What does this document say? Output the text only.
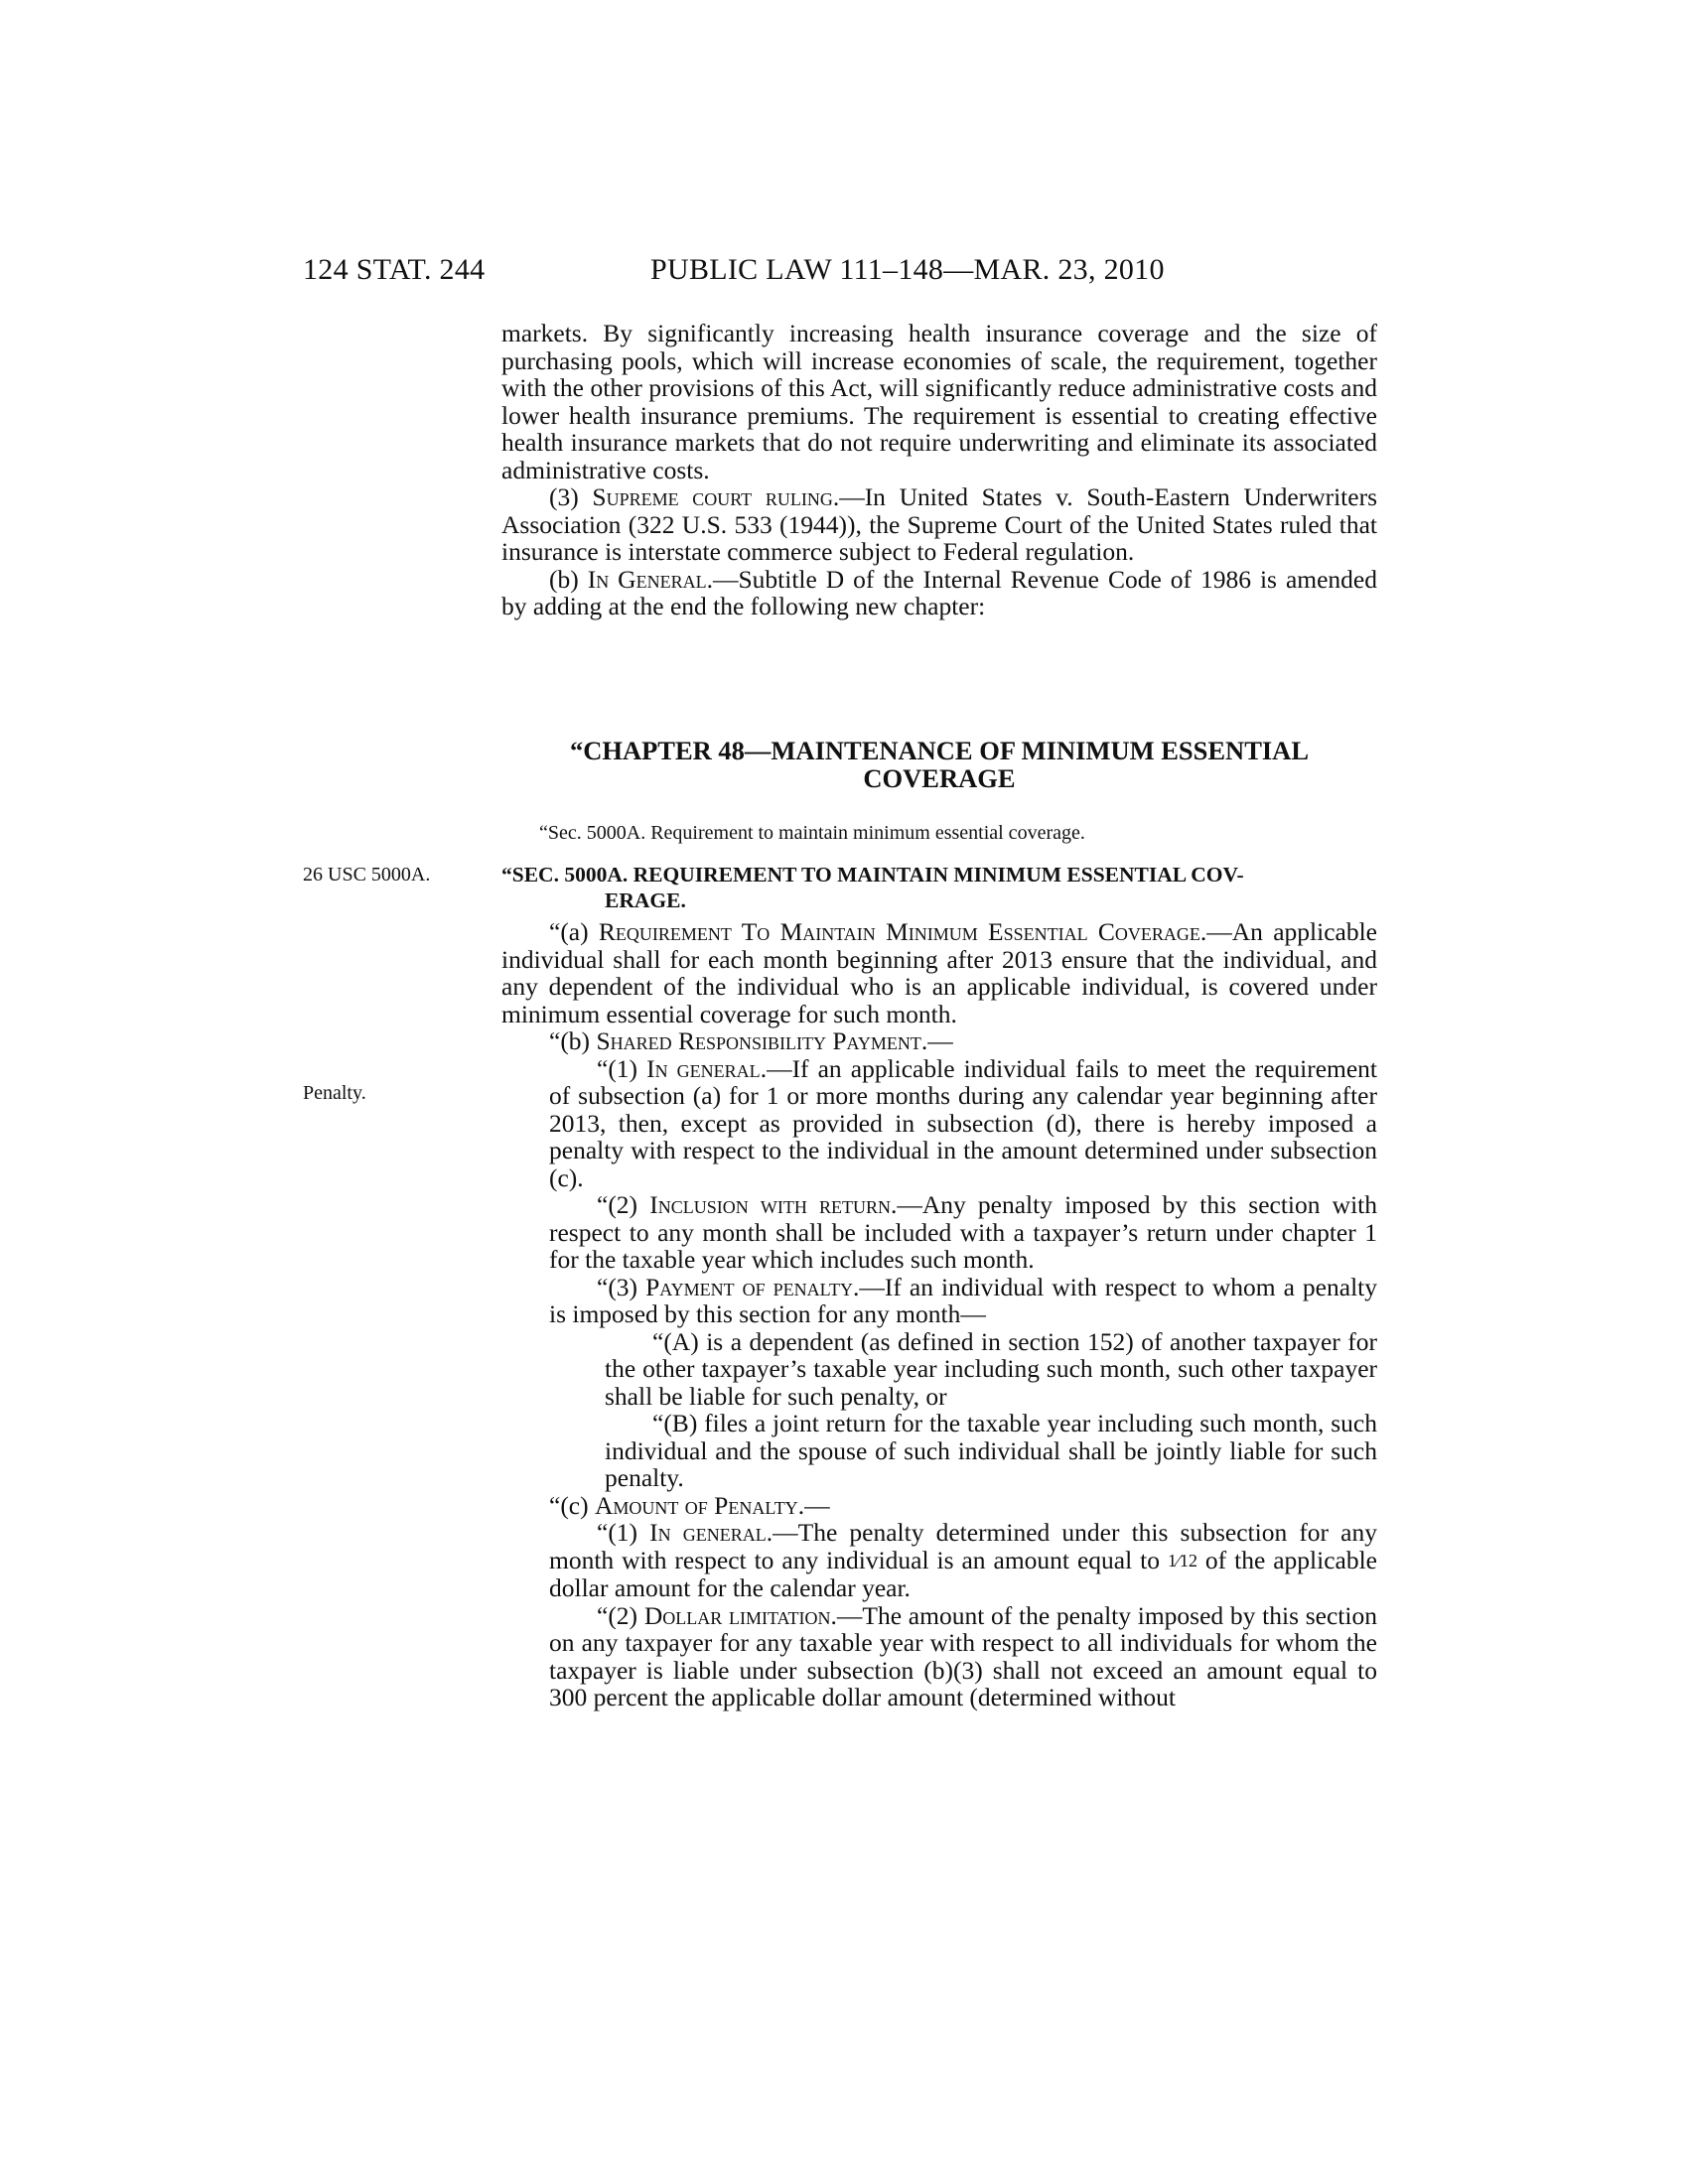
124 STAT. 244	PUBLIC LAW 111–148—MAR. 23, 2010

markets. By significantly increasing health insurance coverage and the size of purchasing pools, which will increase economies of scale, the requirement, together with the other provisions of this Act, will significantly reduce administrative costs and lower health insurance premiums. The requirement is essential to creating effective health insurance markets that do not require underwriting and eliminate its associated administrative costs.

(3) Supreme court ruling.—In United States v. South-Eastern Underwriters Association (322 U.S. 533 (1944)), the Supreme Court of the United States ruled that insurance is interstate commerce subject to Federal regulation.

(b) In General.—Subtitle D of the Internal Revenue Code of 1986 is amended by adding at the end the following new chapter:

“CHAPTER 48—MAINTENANCE OF MINIMUM ESSENTIAL
COVERAGE
“Sec. 5000A. Requirement to maintain minimum essential coverage.
26 USC 5000A.	“SEC. 5000A. REQUIREMENT TO MAINTAIN MINIMUM ESSENTIAL COV-
ERAGE.
Penalty.

“(a) Requirement To Maintain Minimum Essential Coverage.—An applicable individual shall for each month beginning after 2013 ensure that the individual, and any dependent of the individual who is an applicable individual, is covered under minimum essential coverage for such month.

“(b) Shared Responsibility Payment.—

“(1) In general.—If an applicable individual fails to meet the requirement of subsection (a) for 1 or more months during any calendar year beginning after 2013, then, except as provided in subsection (d), there is hereby imposed a penalty with respect to the individual in the amount determined under subsection (c).

“(2) Inclusion with return.—Any penalty imposed by this section with respect to any month shall be included with a taxpayer’s return under chapter 1 for the taxable year which includes such month.

“(3) Payment of penalty.—If an individual with respect to whom a penalty is imposed by this section for any month—

“(A) is a dependent (as defined in section 152) of another taxpayer for the other taxpayer’s taxable year including such month, such other taxpayer shall be liable for such penalty, or

“(B) files a joint return for the taxable year including such month, such individual and the spouse of such individual shall be jointly liable for such penalty.

“(c) Amount of Penalty.—

“(1) In general.—The penalty determined under this subsection for any month with respect to any individual is an amount equal to 1⁄12 of the applicable dollar amount for the calendar year.

“(2) Dollar limitation.—The amount of the penalty imposed by this section on any taxpayer for any taxable year with respect to all individuals for whom the taxpayer is liable under subsection (b)(3) shall not exceed an amount equal to 300 percent the applicable dollar amount (determined without
